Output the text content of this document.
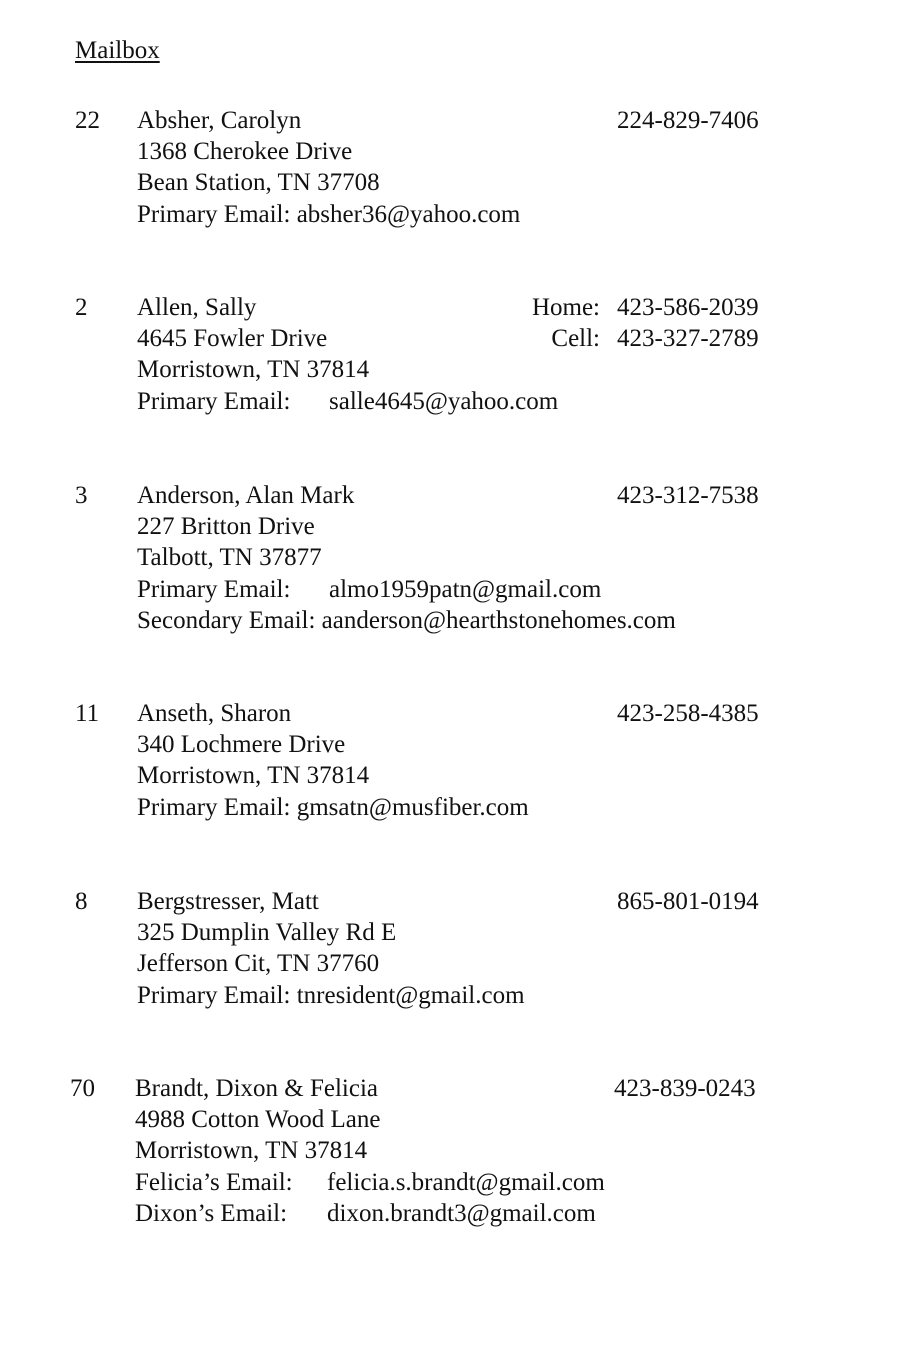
Mailbox
22 Absher, Carolyn
1368 Cherokee Drive
Bean Station, TN 37708
Primary Email: absher36@yahoo.com
224-829-7406
2 Allen, Sally
4645 Fowler Drive
Morristown, TN 37814
Primary Email: salle4645@yahoo.com
Home: 423-586-2039
Cell: 423-327-2789
3 Anderson, Alan Mark
227 Britton Drive
Talbott, TN 37877
Primary Email: almo1959patn@gmail.com
Secondary Email: aanderson@hearthstonehomes.com
423-312-7538
11 Anseth, Sharon
340 Lochmere Drive
Morristown, TN 37814
Primary Email: gmsatn@musfiber.com
423-258-4385
8 Bergstresser, Matt
325 Dumplin Valley Rd E
Jefferson Cit, TN 37760
Primary Email: tnresident@gmail.com
865-801-0194
70 Brandt, Dixon & Felicia
4988 Cotton Wood Lane
Morristown, TN 37814
Felicia’s Email: felicia.s.brandt@gmail.com
Dixon’s Email: dixon.brandt3@gmail.com
423-839-0243
